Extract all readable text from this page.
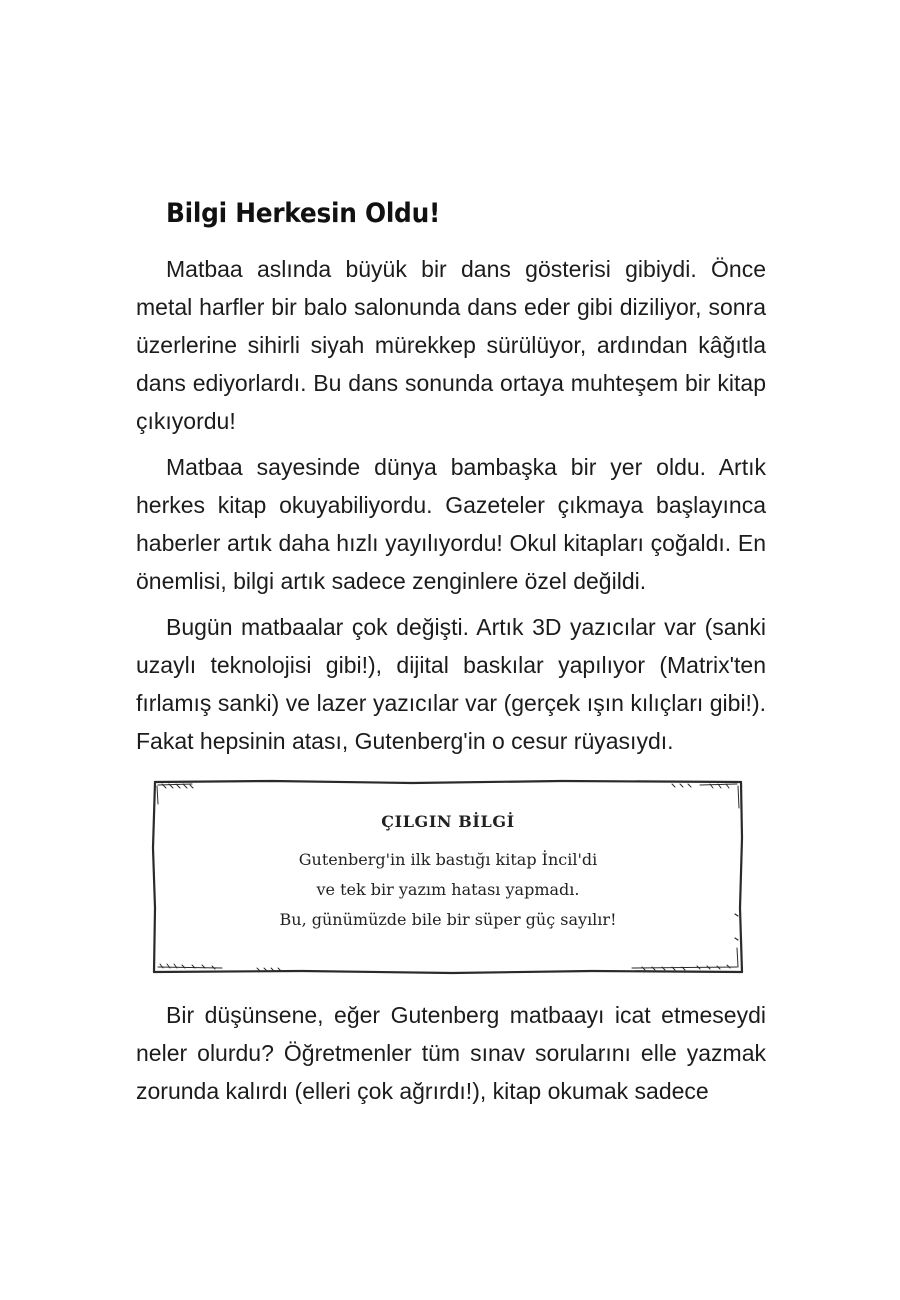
Bilgi Herkesin Oldu!

Matbaa aslında büyük bir dans gösterisi gibiydi. Önce metal harfler bir balo salonunda dans eder gibi diziliyor, sonra üzerlerine sihirli siyah mürekkep sürülüyor, ardından kâğıtla dans ediyorlardı. Bu dans sonunda ortaya muhteşem bir kitap çıkıyordu!

Matbaa sayesinde dünya bambaşka bir yer oldu. Artık herkes kitap okuyabiliyordu. Gazeteler çıkmaya başlayınca haberler artık daha hızlı yayılıyordu! Okul kitapları çoğaldı. En önemlisi, bilgi artık sadece zenginlere özel değildi.

Bugün matbaalar çok değişti. Artık 3D yazıcılar var (sanki uzaylı teknolojisi gibi!), dijital baskılar yapılıyor (Matrix'ten fırlamış sanki) ve lazer yazıcılar var (gerçek ışın kılıçları gibi!). Fakat hepsinin atası, Gutenberg'in o cesur rüyasıydı.

ÇILGIN BİLGİ

Gutenberg'in ilk bastığı kitap İncil'di

ve tek bir yazım hatası yapmadı.

Bu, günümüzde bile bir süper güç sayılır!

Bir düşünsene, eğer Gutenberg matbaayı icat etmeseydi neler olurdu? Öğretmenler tüm sınav sorularını elle yazmak zorunda kalırdı (elleri çok ağrırdı!), kitap okumak sadece
